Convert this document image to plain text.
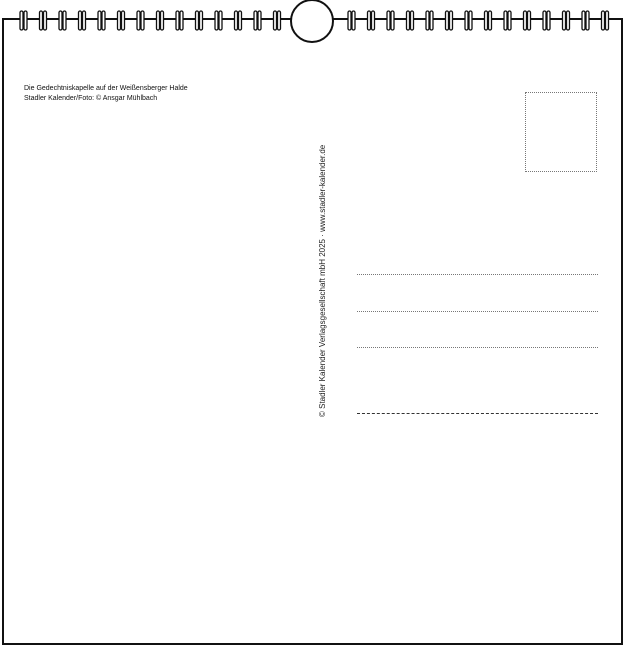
Die Gedechtniskapelle auf der Weißensberger Halde
Stadler Kalender/Foto: © Ansgar Mühlbach
© Stadler Kalender Verlagsgesellschaft mbH 2025 · www.stadler-kalender.de
